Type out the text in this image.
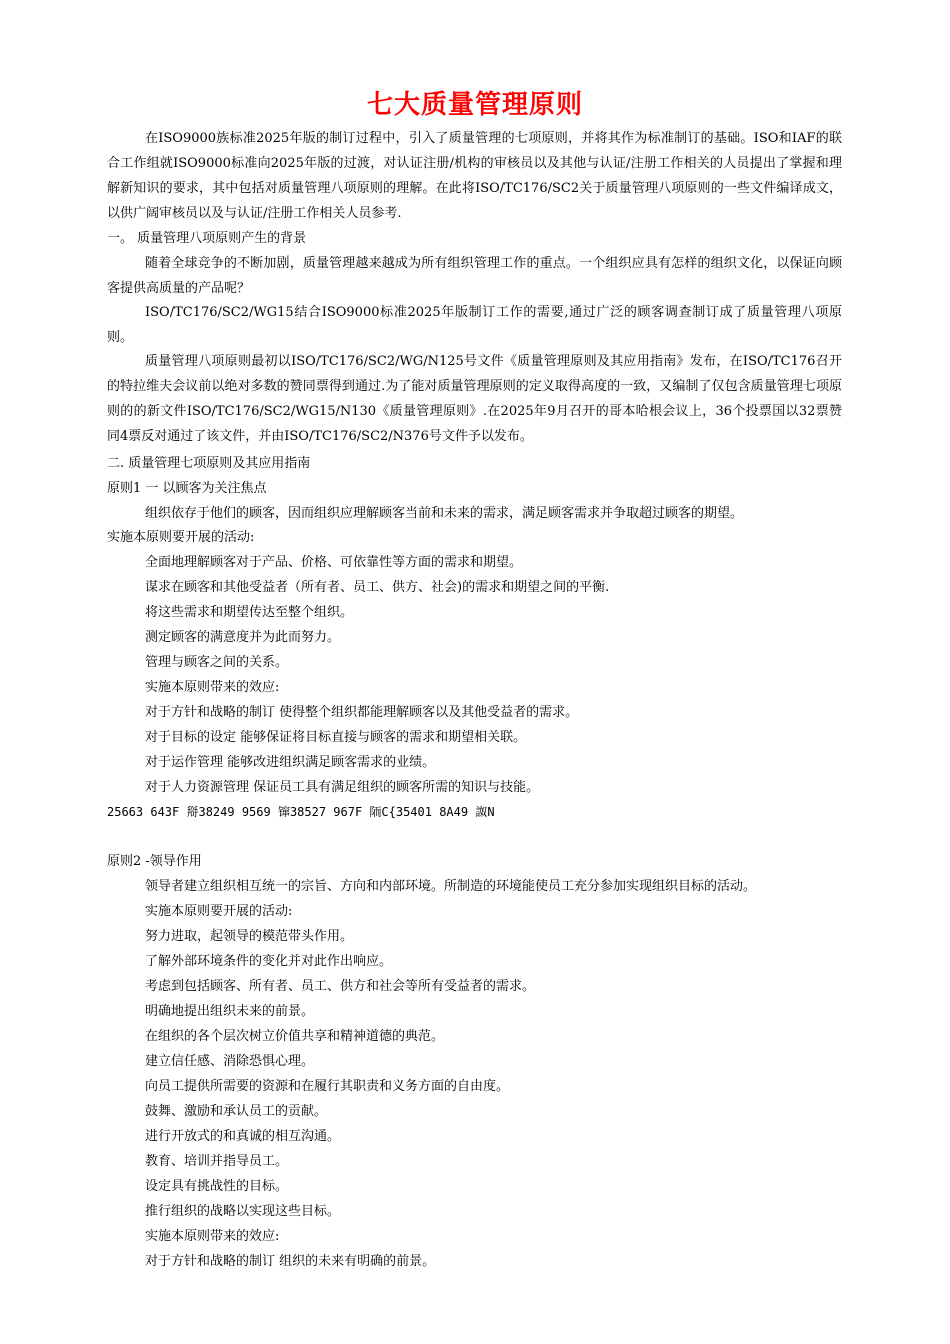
七大质量管理原则
在ISO9000族标准2025年版的制订过程中，引入了质量管理的七项原则，并将其作为标准制订的基础。ISO和IAF的联合工作组就ISO9000标准向2025年版的过渡，对认证注册/机构的审核员以及其他与认证/注册工作相关的人员提出了掌握和理解新知识的要求，其中包括对质量管理八项原则的理解。在此将ISO/TC176/SC2关于质量管理八项原则的一些文件编译成文，以供广阔审核员以及与认证/注册工作相关人员参考.
一。 质量管理八项原则产生的背景
随着全球竞争的不断加剧，质量管理越来越成为所有组织管理工作的重点。一个组织应具有怎样的组织文化，以保证向顾客提供高质量的产品呢？
ISO/TC176/SC2/WG15结合ISO9000标准2025年版制订工作的需要,通过广泛的顾客调查制订成了质量管理八项原则。
质量管理八项原则最初以ISO/TC176/SC2/WG/N125号文件《质量管理原则及其应用指南》发布，在ISO/TC176召开的特拉维夫会议前以绝对多数的赞同票得到通过.为了能对质量管理原则的定义取得高度的一致，又编制了仅包含质量管理七项原则的的新文件ISO/TC176/SC2/WG15/N130《质量管理原则》.在2025年9月召开的哥本哈根会议上，36个投票国以32票赞同4票反对通过了该文件，并由ISO/TC176/SC2/N376号文件予以发布。
二. 质量管理七项原则及其应用指南
原则1 一 以顾客为关注焦点
组织依存于他们的顾客，因而组织应理解顾客当前和未来的需求，满足顾客需求并争取超过顾客的期望。
实施本原则要开展的活动:
全面地理解顾客对于产品、价格、可依靠性等方面的需求和期望。
谋求在顾客和其他受益者（所有者、员工、供方、社会)的需求和期望之间的平衡.
将这些需求和期望传达至整个组织。
测定顾客的满意度并为此而努力。
管理与顾客之间的关系。
实施本原则带来的效应:
对于方针和战略的制订 使得整个组织都能理解顾客以及其他受益者的需求。
对于目标的设定 能够保证将目标直接与顾客的需求和期望相关联。
对于运作管理 能够改进组织满足顾客需求的业绩。
对于人力资源管理 保证员工具有满足组织的顾客所需的知识与技能。
25663 643F 搿38249 9569 镩38527 967F 陑C{35401 8A49 詉N
原则2 -领导作用
领导者建立组织相互统一的宗旨、方向和内部环境。所制造的环境能使员工充分参加实现组织目标的活动。
实施本原则要开展的活动:
努力进取，起领导的模范带头作用。
了解外部环境条件的变化并对此作出响应。
考虑到包括顾客、所有者、员工、供方和社会等所有受益者的需求。
明确地提出组织未来的前景。
在组织的各个层次树立价值共享和精神道德的典范。
建立信任感、消除恐惧心理。
向员工提供所需要的资源和在履行其职责和义务方面的自由度。
鼓舞、激励和承认员工的贡献。
进行开放式的和真诚的相互沟通。
教育、培训并指导员工。
设定具有挑战性的目标。
推行组织的战略以实现这些目标。
实施本原则带来的效应:
对于方针和战略的制订 组织的未来有明确的前景。
